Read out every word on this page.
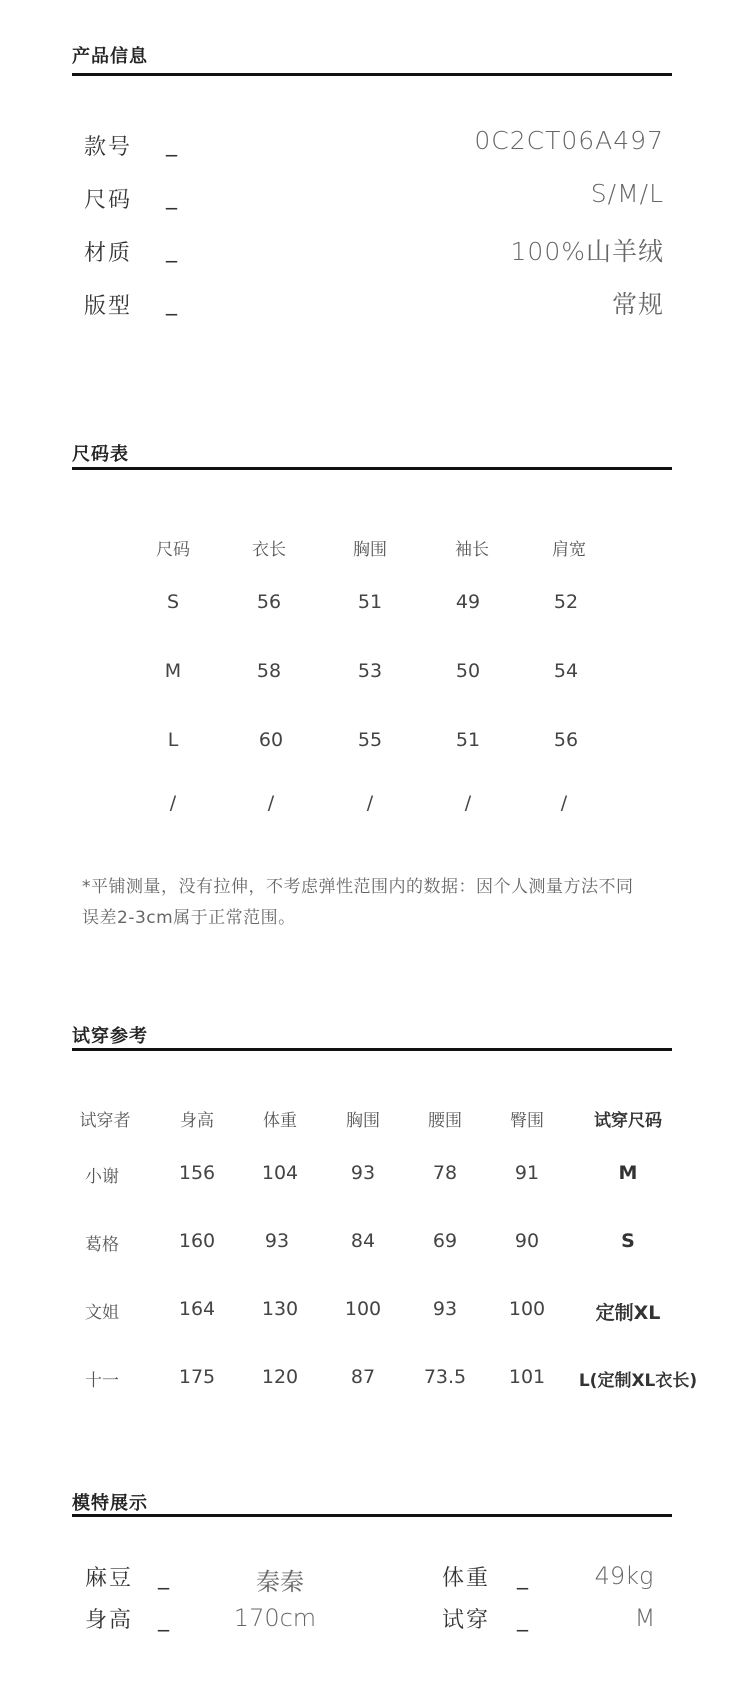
产品信息
款号 _	0C2CT06A497
尺码 _	S/M/L
材质 _	100%山羊绒
版型 _	常规
尺码表
尺码	衣长	胸围	袖长	肩宽
S	56	51	49	52
M	58	53	50	54
L	60	55	51	56
/	/	/	/	/
*平铺测量，没有拉伸，不考虑弹性范围内的数据：因个人测量方法不同
误差2-3cm属于正常范围。
试穿参考
试穿者	身高	体重	胸围	腰围	臀围	试穿尺码
小谢	156 104	93	78	91	M
葛格	160	93	84	69	90	S
文姐	164 130 100	93	100	定制XL
十一	175 120	87	73.5 101 L(定制XL衣长)
模特展示
麻豆 _	秦秦	体重 _	49kg
身高 _	170cm	试穿 _	M
